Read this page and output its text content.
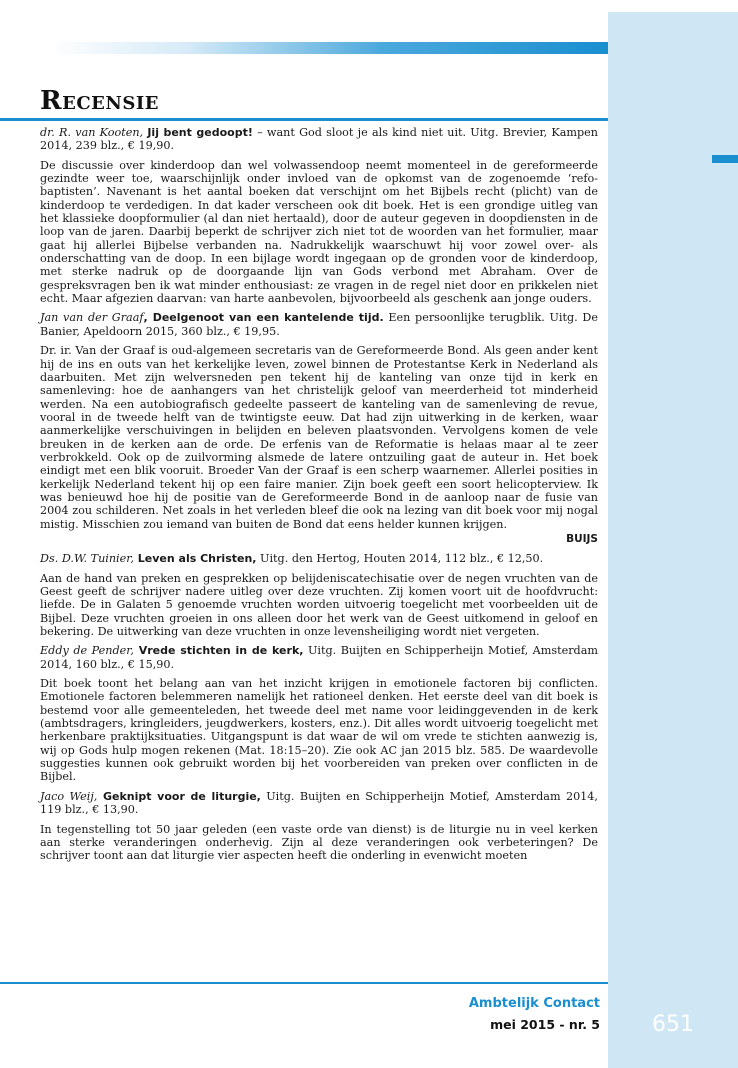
Recensie

dr. R. van Kooten, Jij bent gedoopt! – want God sloot je als kind niet uit. Uitg. Brevier, Kampen 2014, 239 blz., € 19,90.

De discussie over kinderdoop dan wel volwassendoop neemt momenteel in de gereformeerde gezindte weer toe, waarschijnlijk onder invloed van de opkomst van de zogenoemde ‘refo-baptisten’. Navenant is het aantal boeken dat verschijnt om het Bijbels recht (plicht) van de kinderdoop te verdedigen. In dat kader verscheen ook dit boek. Het is een grondige uitleg van het klassieke doopformulier (al dan niet hertaald), door de auteur gegeven in doopdiensten in de loop van de jaren. Daarbij beperkt de schrijver zich niet tot de woorden van het formulier, maar gaat hij allerlei Bijbelse verbanden na. Nadrukkelijk waarschuwt hij voor zowel over- als onderschatting van de doop. In een bijlage wordt ingegaan op de gronden voor de kinderdoop, met sterke nadruk op de doorgaande lijn van Gods verbond met Abraham. Over de gespreksvragen ben ik wat minder enthousiast: ze vragen in de regel niet door en prikkelen niet echt. Maar afgezien daarvan: van harte aanbevolen, bijvoorbeeld als geschenk aan jonge ouders.

Jan van der Graaf, Deelgenoot van een kantelende tijd. Een persoonlijke terugblik. Uitg. De Banier, Apeldoorn 2015, 360 blz., € 19,95.

Dr. ir. Van der Graaf is oud-algemeen secretaris van de Gereformeerde Bond. Als geen ander kent hij de ins en outs van het kerkelijke leven, zowel binnen de Protestantse Kerk in Nederland als daarbuiten. Met zijn welversneden pen tekent hij de kanteling van onze tijd in kerk en samenleving: hoe de aanhangers van het christelijk geloof van meerderheid tot minderheid werden. Na een autobiografisch gedeelte passeert de kanteling van de samenleving de revue, vooral in de tweede helft van de twintigste eeuw. Dat had zijn uitwerking in de kerken, waar aanmerkelijke verschuivingen in belijden en beleven plaatsvonden. Vervolgens komen de vele breuken in de kerken aan de orde. De erfenis van de Reformatie is helaas maar al te zeer verbrokkeld. Ook op de zuilvorming alsmede de latere ontzuiling gaat de auteur in. Het boek eindigt met een blik vooruit. Broeder Van der Graaf is een scherp waarnemer. Allerlei posities in kerkelijk Nederland tekent hij op een faire manier. Zijn boek geeft een soort helicopterview. Ik was benieuwd hoe hij de positie van de Gereformeerde Bond in de aanloop naar de fusie van 2004 zou schilderen. Net zoals in het verleden bleef die ook na lezing van dit boek voor mij nogal mistig. Misschien zou iemand van buiten de Bond dat eens helder kunnen krijgen.

BUIJS

Ds. D.W. Tuinier, Leven als Christen, Uitg. den Hertog, Houten 2014, 112 blz., € 12,50.

Aan de hand van preken en gesprekken op belijdeniscatechisatie over de negen vruchten van de Geest geeft de schrijver nadere uitleg over deze vruchten. Zij komen voort uit de hoofdvrucht: liefde. De in Galaten 5 genoemde vruchten worden uitvoerig toegelicht met voorbeelden uit de Bijbel. Deze vruchten groeien in ons alleen door het werk van de Geest uitkomend in geloof en bekering. De uitwerking van deze vruchten in onze levensheiliging wordt niet vergeten.

Eddy de Pender, Vrede stichten in de kerk, Uitg. Buijten en Schipperheijn Motief, Amsterdam 2014, 160 blz., € 15,90.

Dit boek toont het belang aan van het inzicht krijgen in emotionele factoren bij conflicten. Emotionele factoren belemmeren namelijk het rationeel denken. Het eerste deel van dit boek is bestemd voor alle gemeenteleden, het tweede deel met name voor leidinggevenden in de kerk (ambtsdragers, kringleiders, jeugdwerkers, kosters, enz.). Dit alles wordt uitvoerig toegelicht met herkenbare praktijksituaties. Uitgangspunt is dat waar de wil om vrede te stichten aanwezig is, wij op Gods hulp mogen rekenen (Mat. 18:15–20). Zie ook AC jan 2015 blz. 585. De waardevolle suggesties kunnen ook gebruikt worden bij het voorbereiden van preken over conflicten in de Bijbel.

Jaco Weij, Geknipt voor de liturgie, Uitg. Buijten en Schipperheijn Motief, Amsterdam 2014, 119 blz., € 13,90.

In tegenstelling tot 50 jaar geleden (een vaste orde van dienst) is de liturgie nu in veel kerken aan sterke veranderingen onderhevig. Zijn al deze veranderingen ook verbeteringen? De schrijver toont aan dat liturgie vier aspecten heeft die onderling in evenwicht moeten

Ambtelijk Contact
mei 2015 - nr. 5	651
